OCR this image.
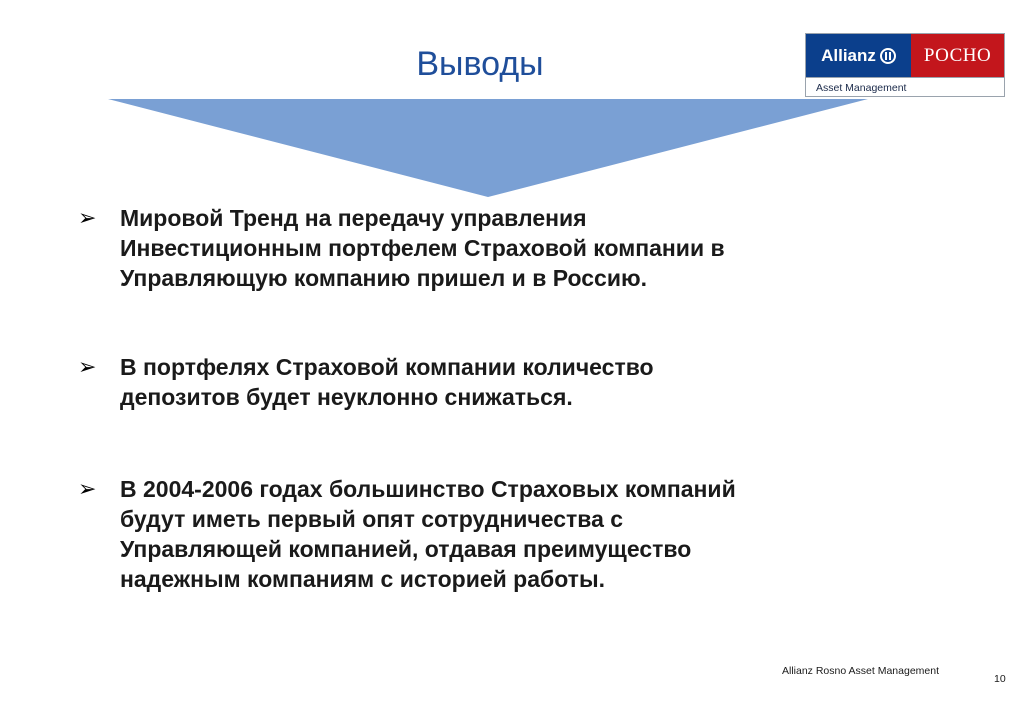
Выводы	Allianz	РОСНО
Asset Management
➢	Мировой Тренд на передачу управления
Инвестиционным портфелем Страховой компании в
Управляющую компанию пришел и в Россию.
➢	В портфелях Страховой компании количество
депозитов будет неуклонно снижаться.
➢	В 2004-2006 годах большинство Страховых компаний
будут иметь первый опят сотрудничества с
Управляющей компанией, отдавая преимущество
надежным компаниям с историей работы.
Allianz Rosno Asset Management
10
